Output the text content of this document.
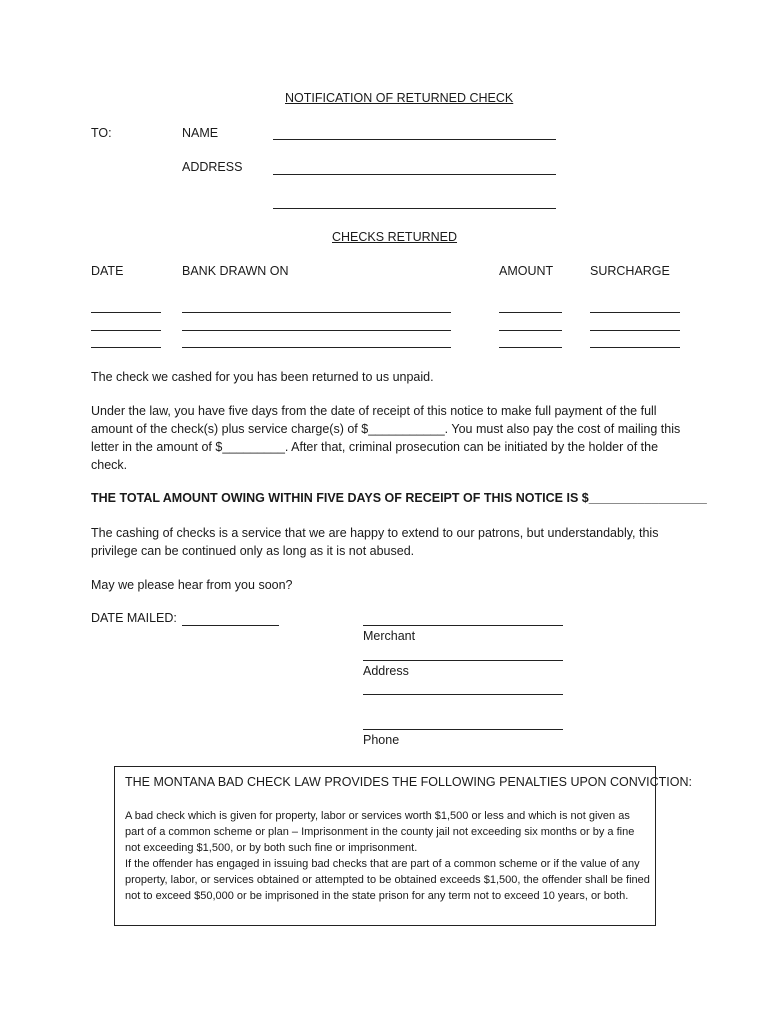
NOTIFICATION OF RETURNED CHECK
TO:	NAME
ADDRESS
CHECKS RETURNED
DATE	BANK DRAWN ON	AMOUNT	SURCHARGE
The check we cashed for you has been returned to us unpaid.
Under the law, you have five days from the date of receipt of this notice to make full payment of the full amount of the check(s) plus service charge(s) of $___________. You must also pay the cost of mailing this letter in the amount of $_________. After that, criminal prosecution can be initiated by the holder of the check.
THE TOTAL AMOUNT OWING WITHIN FIVE DAYS OF RECEIPT OF THIS NOTICE IS $_________________
The cashing of checks is a service that we are happy to extend to our patrons, but understandably, this privilege can be continued only as long as it is not abused.
May we please hear from you soon?
DATE MAILED:
Merchant
Address
Phone
THE MONTANA BAD CHECK LAW PROVIDES THE FOLLOWING PENALTIES UPON CONVICTION:

A bad check which is given for property, labor or services worth $1,500 or less and which is not given as part of a common scheme or plan – Imprisonment in the county jail not exceeding six months or by a fine not exceeding $1,500, or by both such fine or imprisonment.

If the offender has engaged in issuing bad checks that are part of a common scheme or if the value of any property, labor, or services obtained or attempted to be obtained exceeds $1,500, the offender shall be fined not to exceed $50,000 or be imprisoned in the state prison for any term not to exceed 10 years, or both.
